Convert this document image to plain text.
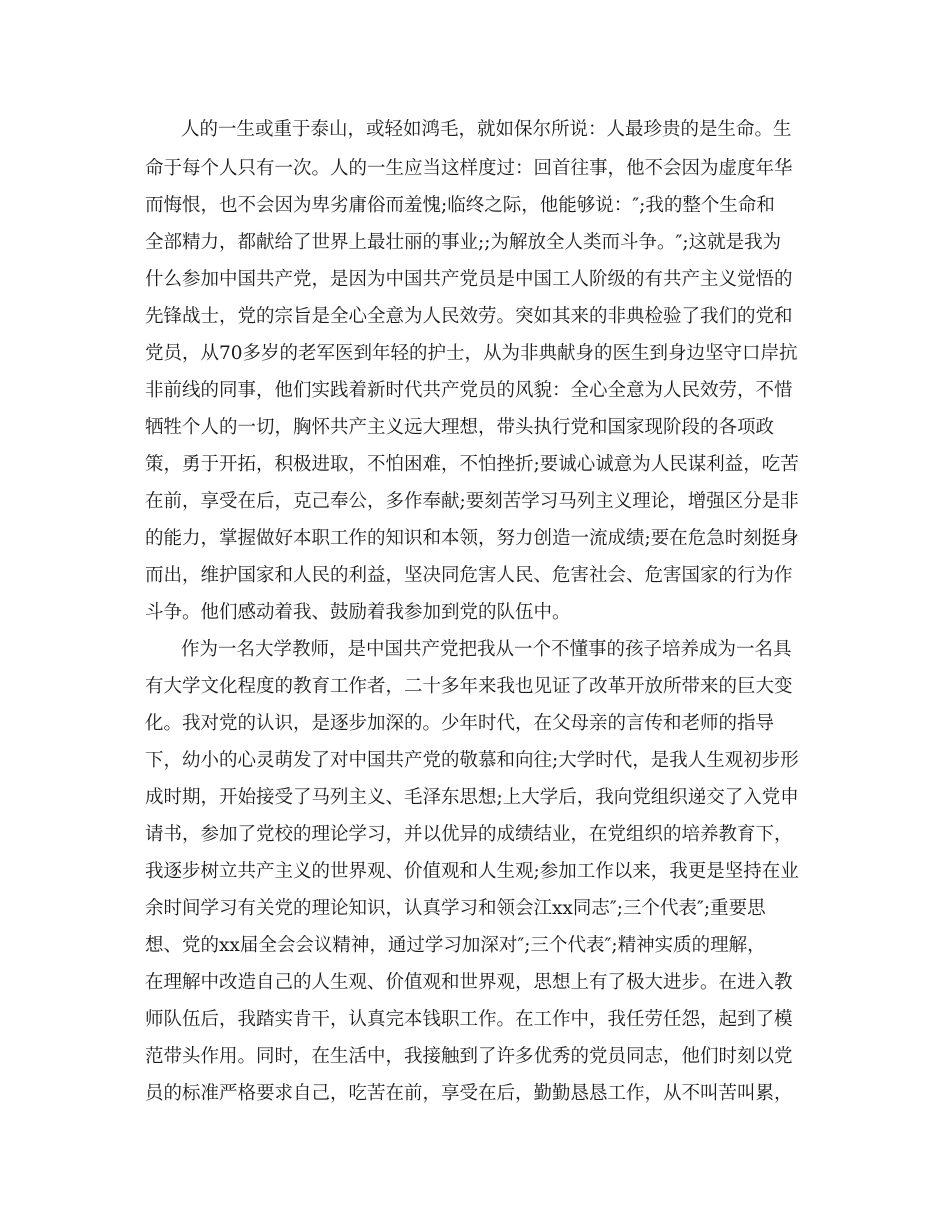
人的一生或重于泰山，或轻如鸿毛，就如保尔所说：人最珍贵的是生命。生

命于每个人只有一次。人的一生应当这样度过：回首往事，他不会因为虚度年华

而悔恨，也不会因为卑劣庸俗而羞愧;临终之际，他能够说：″;我的整个生命和

全部精力，都献给了世界上最壮丽的事业;;为解放全人类而斗争。″;这就是我为

什么参加中国共产党，是因为中国共产党员是中国工人阶级的有共产主义觉悟的

先锋战士，党的宗旨是全心全意为人民效劳。突如其来的非典检验了我们的党和

党员，从70多岁的老军医到年轻的护士，从为非典献身的医生到身边坚守口岸抗

非前线的同事，他们实践着新时代共产党员的风貌：全心全意为人民效劳，不惜

牺牲个人的一切，胸怀共产主义远大理想，带头执行党和国家现阶段的各项政

策，勇于开拓，积极进取，不怕困难，不怕挫折;要诚心诚意为人民谋利益，吃苦

在前，享受在后，克己奉公，多作奉献;要刻苦学习马列主义理论，增强区分是非

的能力，掌握做好本职工作的知识和本领，努力创造一流成绩;要在危急时刻挺身

而出，维护国家和人民的利益，坚决同危害人民、危害社会、危害国家的行为作

斗争。他们感动着我、鼓励着我参加到党的队伍中。

作为一名大学教师，是中国共产党把我从一个不懂事的孩子培养成为一名具

有大学文化程度的教育工作者，二十多年来我也见证了改革开放所带来的巨大变

化。我对党的认识，是逐步加深的。少年时代，在父母亲的言传和老师的指导

下，幼小的心灵萌发了对中国共产党的敬慕和向往;大学时代，是我人生观初步形

成时期，开始接受了马列主义、毛泽东思想;上大学后，我向党组织递交了入党申

请书，参加了党校的理论学习，并以优异的成绩结业，在党组织的培养教育下，

我逐步树立共产主义的世界观、价值观和人生观;参加工作以来，我更是坚持在业

余时间学习有关党的理论知识，认真学习和领会江xx同志″;三个代表″;重要思

想、党的xx届全会会议精神，通过学习加深对″;三个代表″;精神实质的理解，

在理解中改造自己的人生观、价值观和世界观，思想上有了极大进步。在进入教

师队伍后，我踏实肯干，认真完本钱职工作。在工作中，我任劳任怨，起到了模

范带头作用。同时，在生活中，我接触到了许多优秀的党员同志，他们时刻以党

员的标准严格要求自己，吃苦在前，享受在后，勤勤恳恳工作，从不叫苦叫累，
